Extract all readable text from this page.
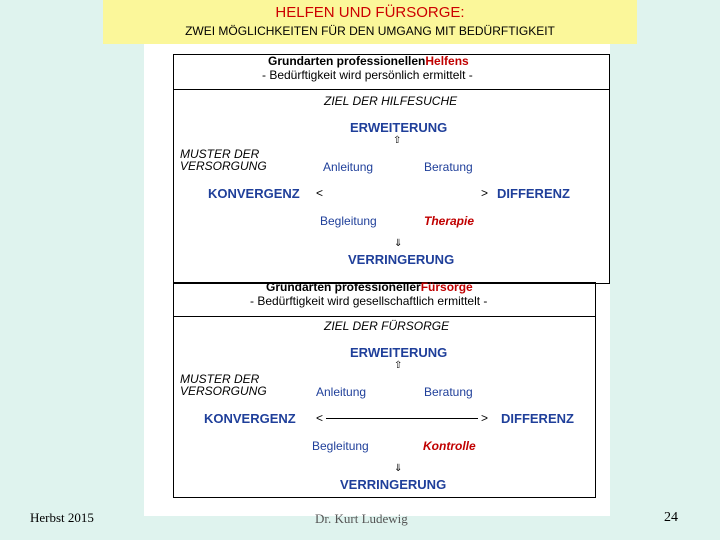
HELFEN UND FÜRSORGE:
ZWEI MÖGLICHKEITEN FÜR DEN UMGANG MIT BEDÜRFTIGKEIT
Grundarten professionellenHelfens
- Bedürftigkeit wird persönlich ermittelt -
ZIEL DER HILFESUCHE
ERWEITERUNG
⇧
MUSTER DER
VERSORGUNG	Anleitung	Beratung
KONVERGENZ <	> DIFFERENZ
Begleitung	Therapie
⇓
VERRINGERUNG
Grundarten professionellerFürsorge
- Bedürftigkeit wird gesellschaftlich ermittelt -
ZIEL DER FÜRSORGE
ERWEITERUNG
⇧
MUSTER DER
VERSORGUNG	Anleitung	Beratung
KONVERGENZ <	> DIFFERENZ
Begleitung	Kontrolle
⇓
VERRINGERUNG
Herbst 2015	Dr. Kurt Ludewig	24
